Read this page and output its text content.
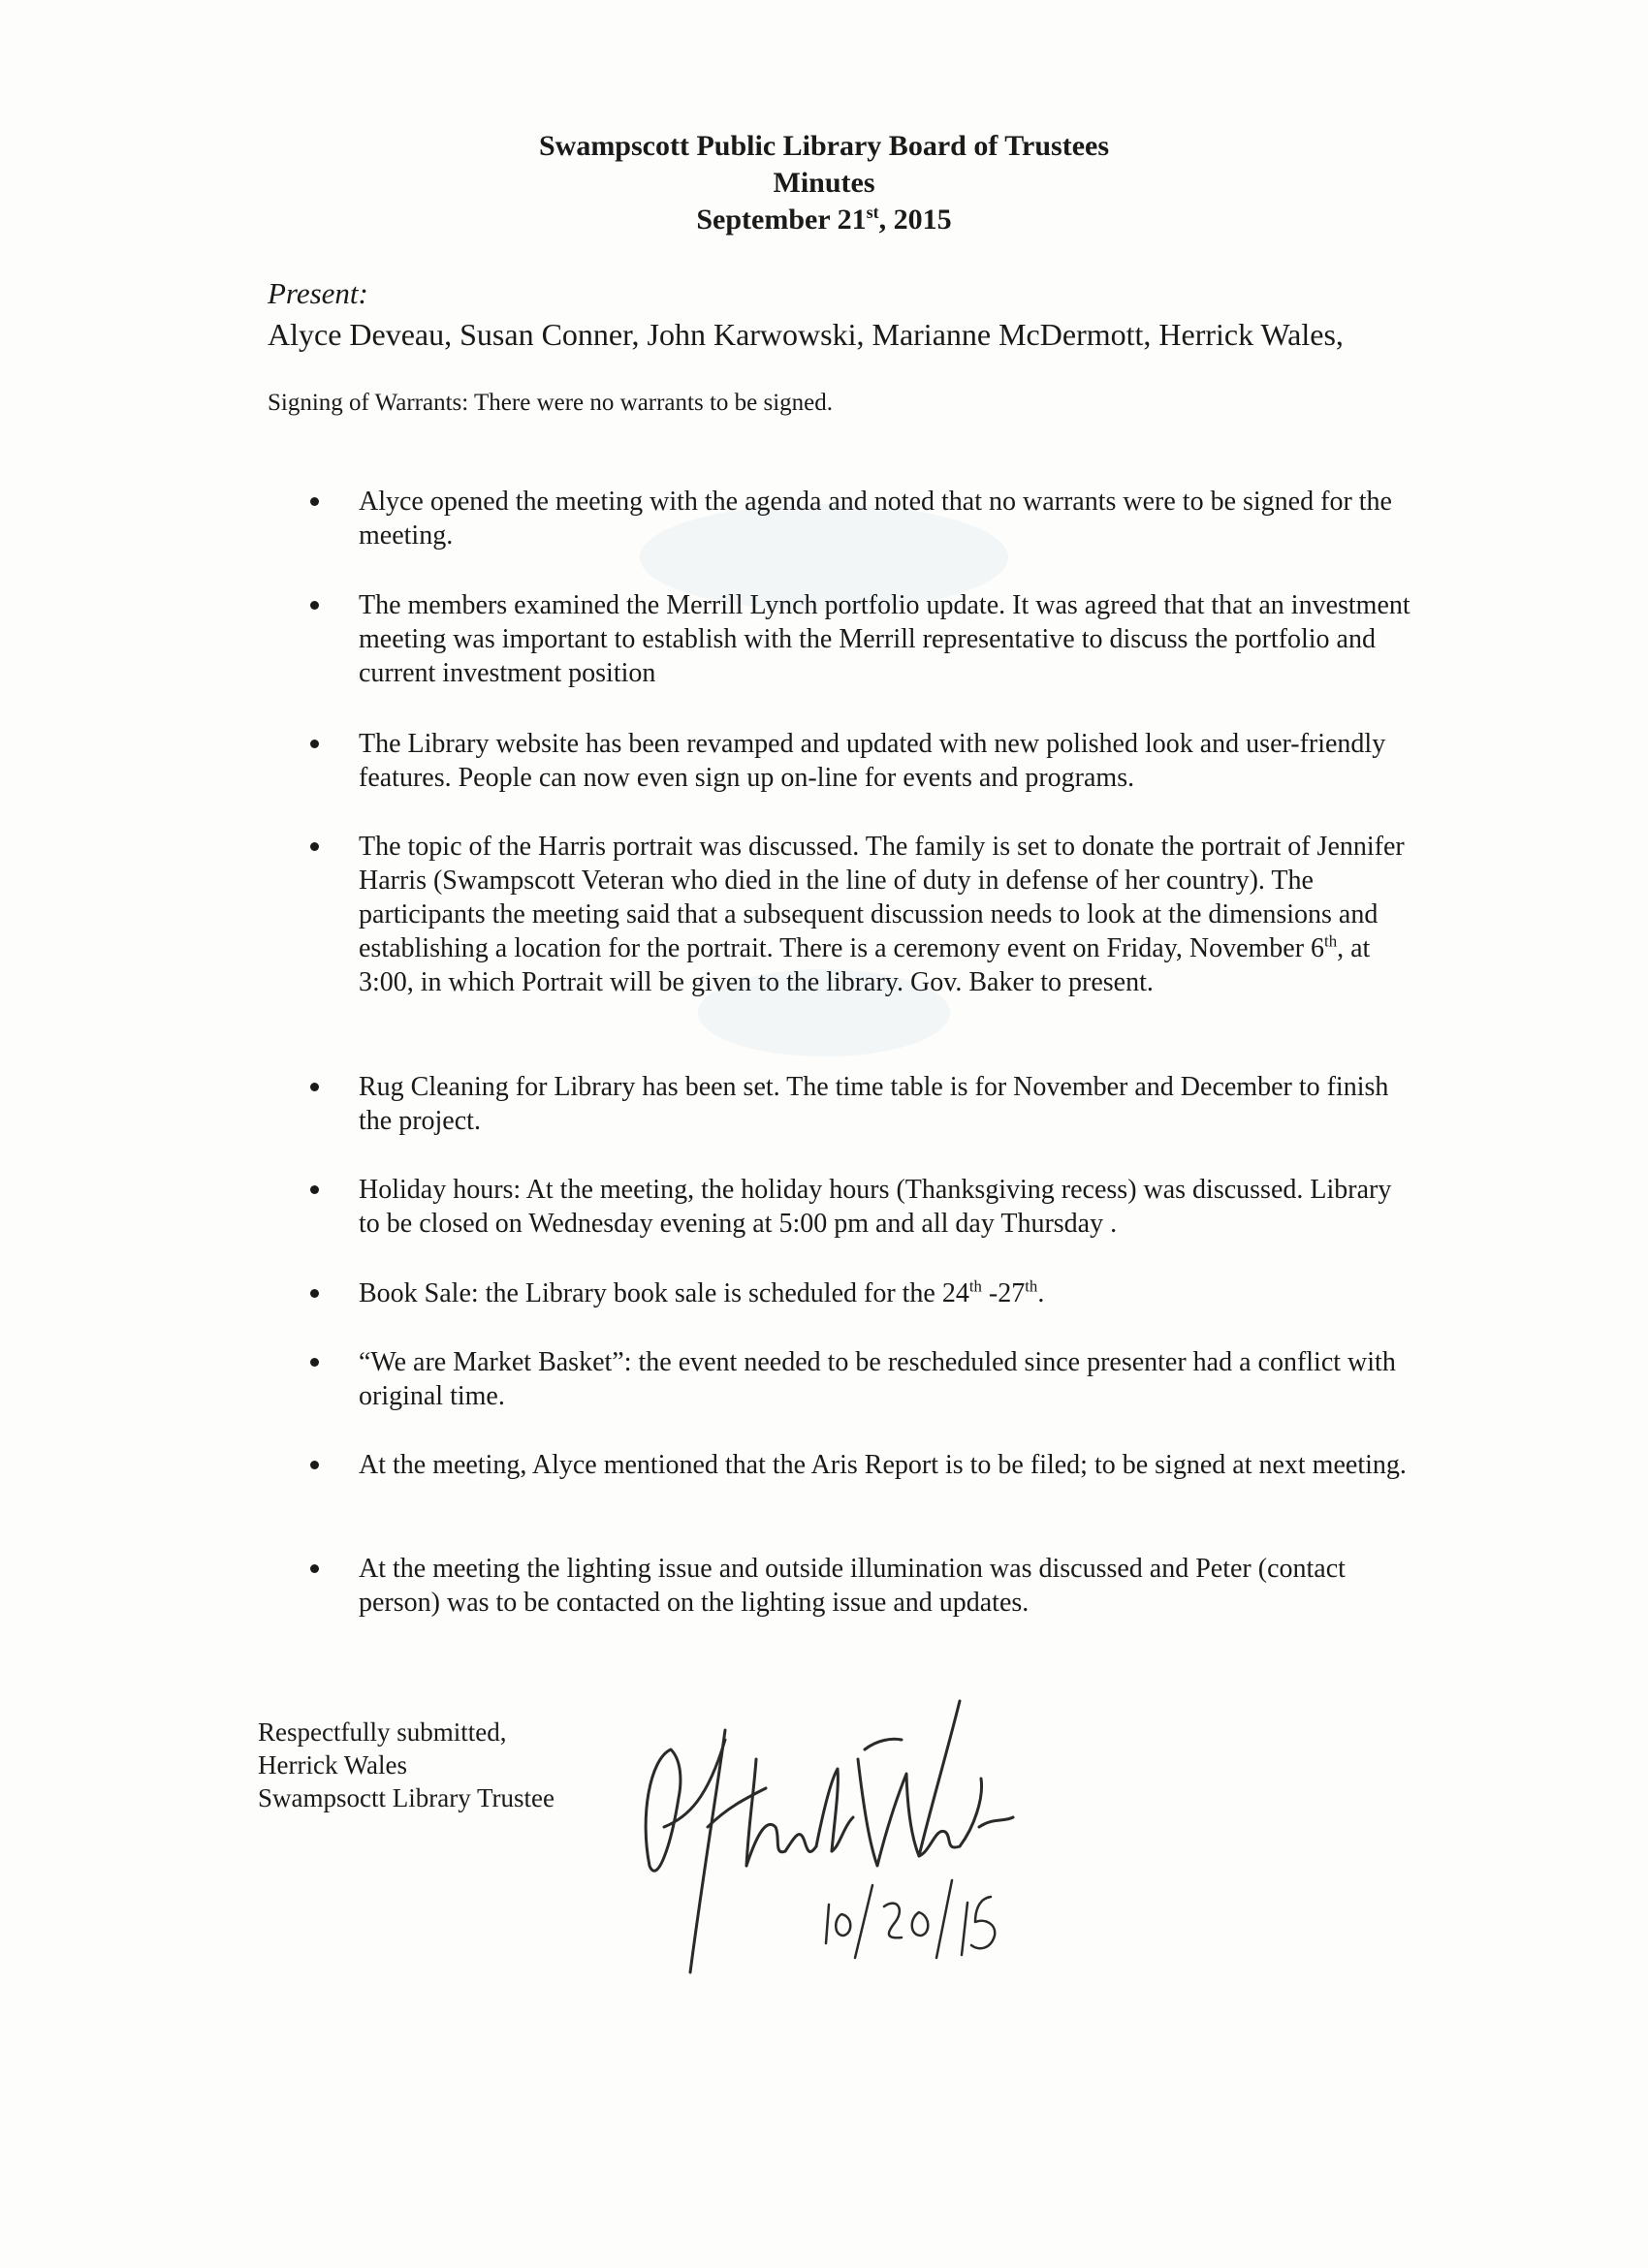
Swampscott Public Library Board of Trustees
Minutes
September 21st, 2015
Present:
Alyce Deveau, Susan Conner, John Karwowski, Marianne McDermott, Herrick Wales,
Signing of Warrants: There were no warrants to be signed.
Alyce opened the meeting with the agenda and noted that no warrants were to be signed for the meeting.
The members examined the Merrill Lynch portfolio update. It was agreed that that an investment meeting was important to establish with the Merrill representative to discuss the portfolio and current investment position
The Library website has been revamped and updated with new polished look and user-friendly features. People can now even sign up on-line for events and programs.
The topic of the Harris portrait was discussed. The family is set to donate the portrait of Jennifer Harris (Swampscott Veteran who died in the line of duty in defense of her country). The participants the meeting said that a subsequent discussion needs to look at the dimensions and establishing a location for the portrait. There is a ceremony event on Friday, November 6th, at 3:00, in which Portrait will be given to the library. Gov. Baker to present.
Rug Cleaning for Library has been set. The time table is for November and December to finish the project.
Holiday hours: At the meeting, the holiday hours (Thanksgiving recess) was discussed. Library to be closed on Wednesday evening at 5:00 pm and all day Thursday .
Book Sale: the Library book sale is scheduled for the 24th -27th.
“We are Market Basket”: the event needed to be rescheduled since presenter had a conflict with original time.
At the meeting, Alyce mentioned that the Aris Report is to be filed; to be signed at next meeting.
At the meeting the lighting issue and outside illumination was discussed and Peter (contact person) was to be contacted on the lighting issue and updates.
Respectfully submitted,
Herrick Wales
Swampsoctt Library Trustee
